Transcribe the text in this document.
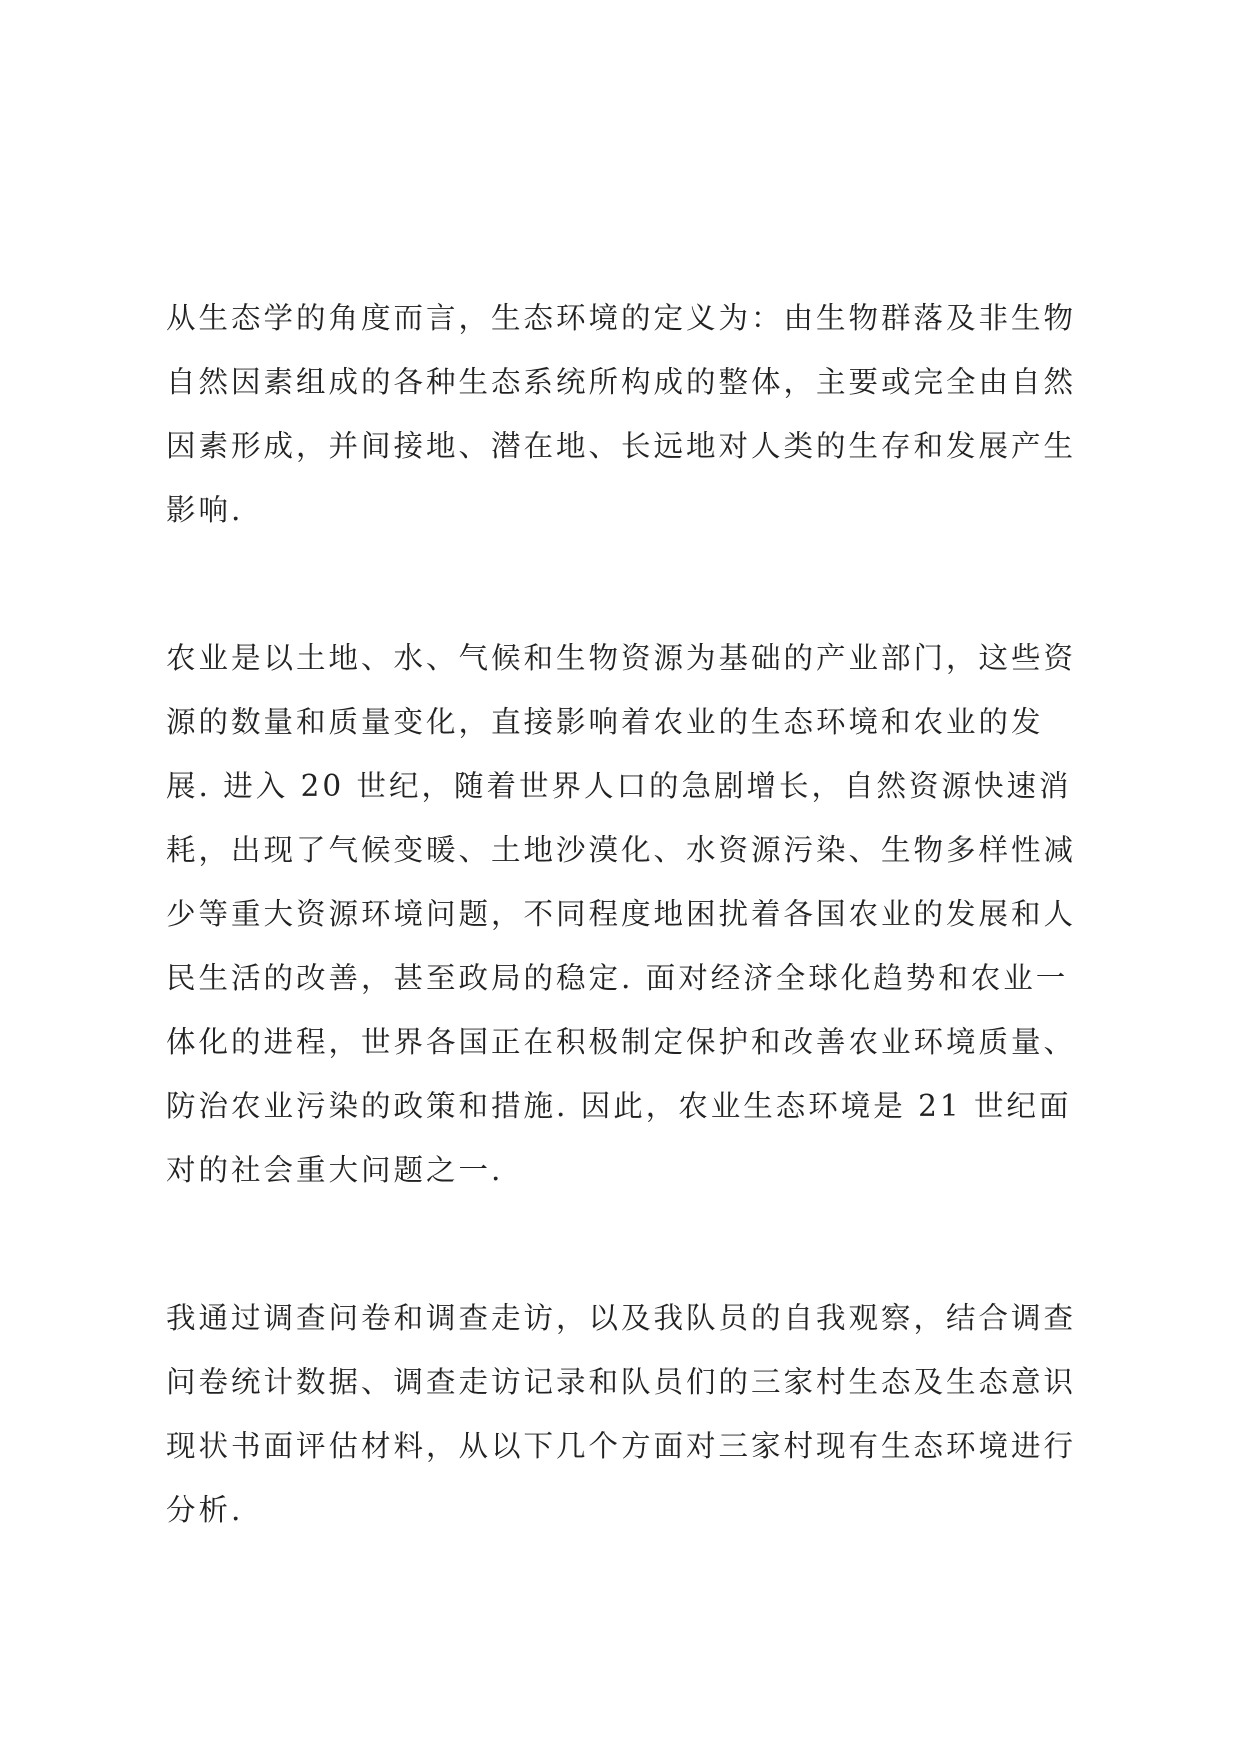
从生态学的角度而言，生态环境的定义为：由生物群落及非生物
自然因素组成的各种生态系统所构成的整体，主要或完全由自然
因素形成，并间接地、潜在地、长远地对人类的生存和发展产生
影响.

农业是以土地、水、气候和生物资源为基础的产业部门，这些资
源的数量和质量变化，直接影响着农业的生态环境和农业的发
展. 进入 20 世纪，随着世界人口的急剧增长，自然资源快速消
耗，出现了气候变暖、土地沙漠化、水资源污染、生物多样性减
少等重大资源环境问题，不同程度地困扰着各国农业的发展和人
民生活的改善，甚至政局的稳定. 面对经济全球化趋势和农业一
体化的进程，世界各国正在积极制定保护和改善农业环境质量、
防治农业污染的政策和措施. 因此，农业生态环境是 21 世纪面
对的社会重大问题之一.

我通过调查问卷和调查走访，以及我队员的自我观察，结合调查
问卷统计数据、调查走访记录和队员们的三家村生态及生态意识
现状书面评估材料，从以下几个方面对三家村现有生态环境进行
分析.
